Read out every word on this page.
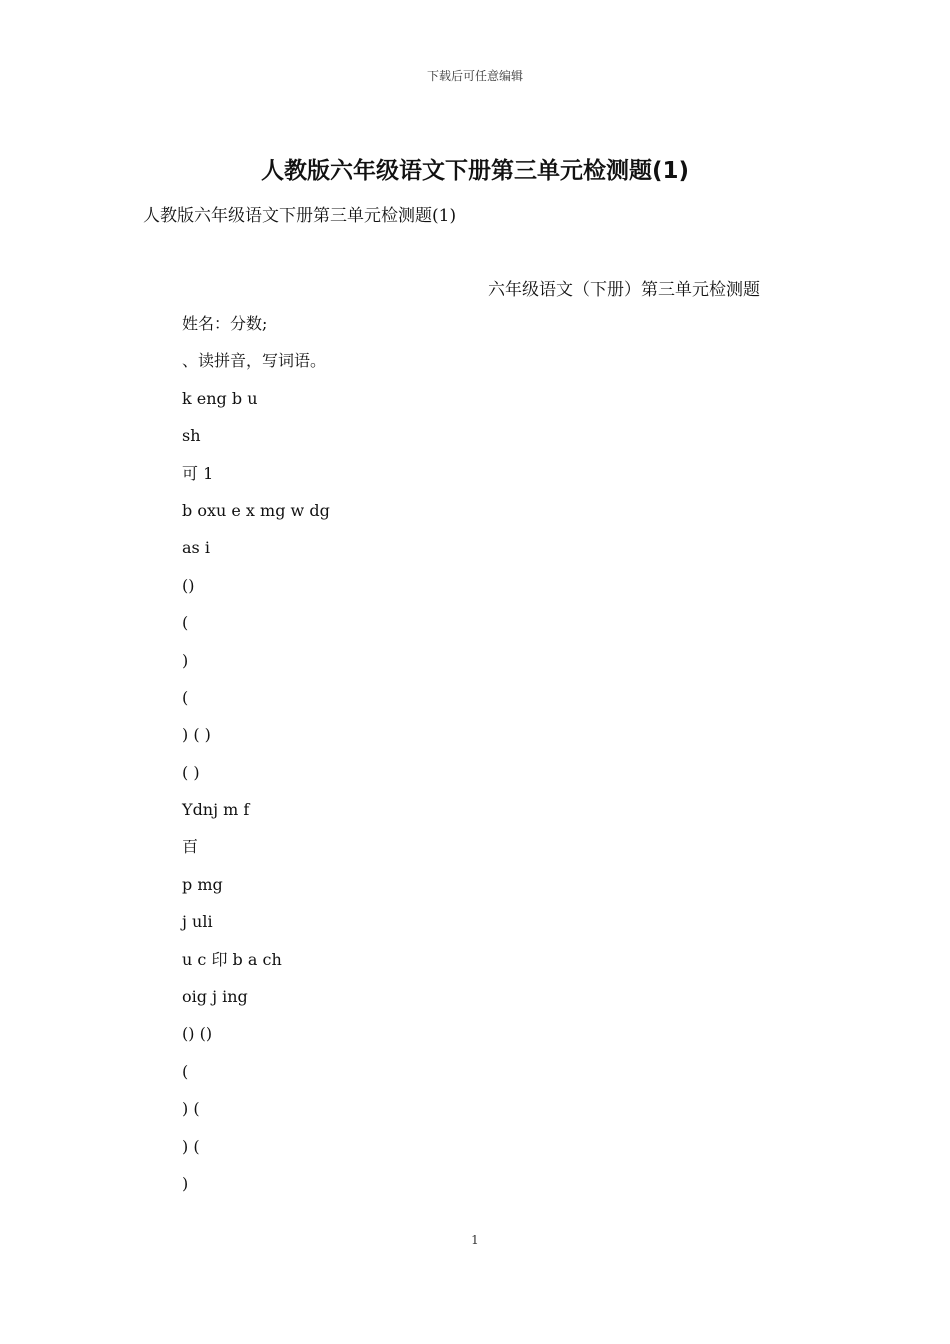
下载后可任意编辑
人教版六年级语文下册第三单元检测题(1)
人教版六年级语文下册第三单元检测题(1)
六年级语文（下册）第三单元检测题
姓名：分数;
、读拼音，写词语。
k eng b u
sh
可 1
b oxu e x mg w dg
as i
()
(
)
(
) ( )
( )
Ydnj m f
百
p mg
j uli
u c 印 b a ch
oig j ing
() ()
(
) (
) (
)
1
